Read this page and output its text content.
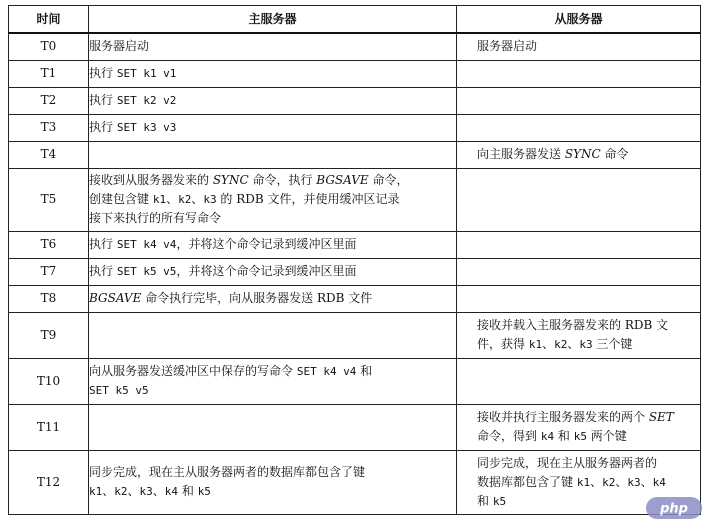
时间	主服务器	从服务器
T0	服务器启动	服务器启动

T1	执行 SET k1 v1	

T2	执行 SET k2 v2	

T3	执行 SET k3 v3	

T4		向主服务器发送 SYNC 命令

T5	接收到从服务器发来的 SYNC 命令，执行 BGSAVE 命令，
创建包含键 k1、k2、k3 的 RDB 文件，并使用缓冲区记录
接下来执行的所有写命令	

T6	执行 SET k4 v4，并将这个命令记录到缓冲区里面	

T7	执行 SET k5 v5，并将这个命令记录到缓冲区里面	

T8	BGSAVE 命令执行完毕，向从服务器发送 RDB 文件	

T9		接收并载入主服务器发来的 RDB 文
件，获得 k1、k2、k3 三个键

T10	向从服务器发送缓冲区中保存的写命令 SET k4 v4 和
SET k5 v5	

T11		接收并执行主服务器发来的两个 SET
命令，得到 k4 和 k5 两个键

T12	同步完成，现在主从服务器两者的数据库都包含了键
k1、k2、k3、k4 和 k5	同步完成，现在主从服务器两者的
数据库都包含了键 k1、k2、k3、k4
和 k5
php
